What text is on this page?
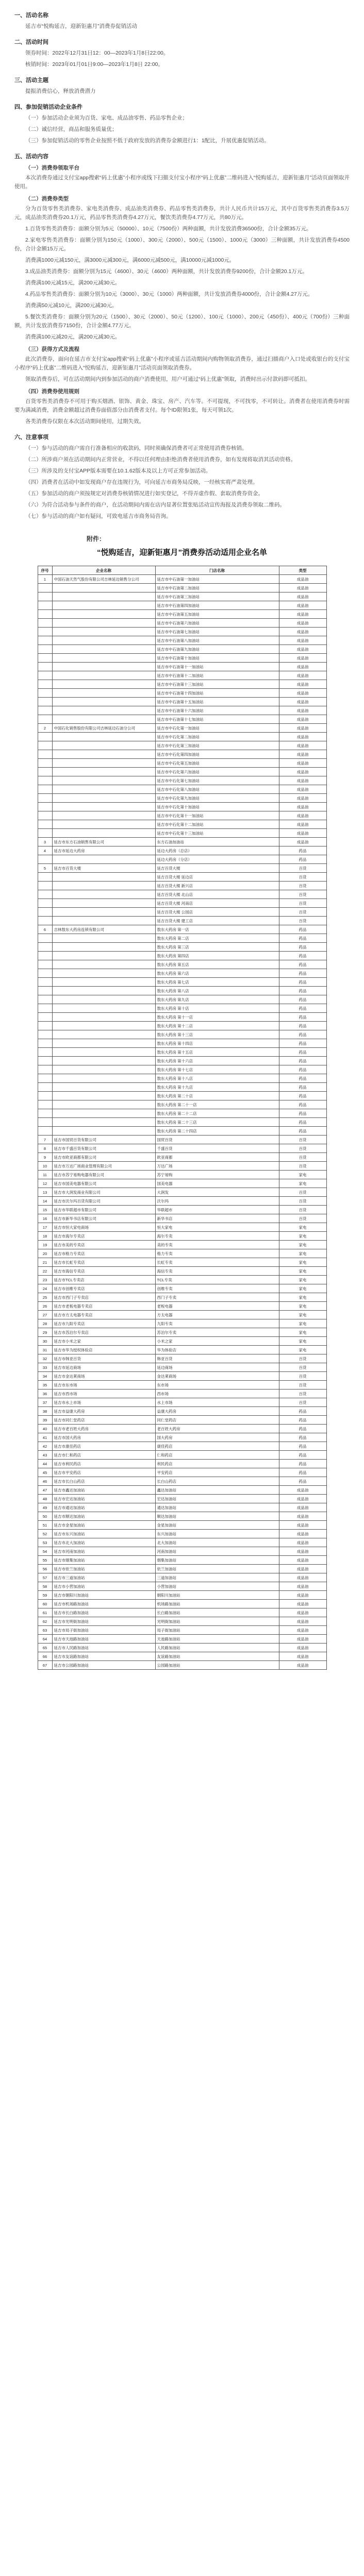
一、活动名称
延吉市“悦购延吉，迎新钜惠月”消费券促销活动
二、活动时间
领券时间：2022年12月31日12：00—2023年1月8日22:00。
核销时间：2023年01月01日9:00—2023年1月8日 22:00。
三、活动主题
提振消费信心，释放消费潜力
四、参加促销活动企业条件
（一）参加活动企业须为百货、家电、成品油零售、药品零售企业；
（二）诚信经营，商品和服务质量优；
（三）参加促销活动的零售企业按照不低于政府发放的消费券金额进行1：1配比，升展优惠促销活动。
五、活动内容
（一）消费券领取平台
本次消费券通过支付宝app搜索“码上优惠”小程序或线下扫描支付宝小程序“码上优惠”二维码进入“悦购延吉，迎新钜惠月”活动页面领取并使用。
（二）消费券类型
分为百货零售类消费券、家电类消费券、成品油类消费券、药品零售类消费券，共计人民币共计15万元，其中百货零售类消费券3.5万元，成品油类消费券20.1万元，药品零售类消费券4.27万元，餐饮类消费券4.77万元，共80万元。
1.百货零售类消费券：面额分别为5元（50000）、10元（7500份）两种面额，共计发放消费36500份，合计金额35万元。
2.家电零售类消费券：面额分别为150元（1000）、300元（2000）、500元（1500）、1000元（3000）三种面额，共计发放消费券4500份，合计金额15万元。
消费满1000元减150元，满3000元减300元，满6000元减500元，满10000元减1000元。
3.成品油类消费券：面额分别为15元（4600）、30元（4600）两种面额，共计发放消费券9200份，合计金额20.1万元。
消费满100元减15元，满200元减30元。
4.药品零售类消费券：面额分别为10元（3000）、30元（1000）两种面额，共计发放消费券4000份，合计金额4.27万元。
消费满50元减10元，满200元减30元。
5.餐饮类消费券：面额分别为20元（1500）、30元（2000）、50元（1200）、100元（1000）、200元（450份）、400元（700份）三种面额，共计发放消费券7150份，合计金额4.77万元。
消费满100元减20元，满200元减30元。
（三）获得方式及流程
此次消费券，面向在延吉市支付宝app搜索“码上优惠”小程序或延吉活动期间内购物领取消费券，通过扫描商户入口处或收银台的支付宝小程序“码上优惠”二维码进入“悦购延吉，迎新钜惠月”活动页面领取消费券。
领取消费券后，可在活动期间内到参加活动的商户消费使用，用户可通过“码上优惠”领取，消费时出示付款码即可抵扣。
（四）消费券使用规则
百货零售类消费券不可用于购买烟酒、银饰、黄金、珠宝、房产、汽车等。不可提现，不可找零，不可转让。消费者在使用消费券时需要为满减消费，消费金额超过消费券面值部分由消费者支付。每个ID限领1张，每天可领1次。
各类消费券仅限在本次活动期间使用，过期失效。
六、注意事项
（一）参与活动的商户需自行准备相应的收款码，同时须确保消费者可正常使用消费券核销。
（二）所涉商户须在活动期间内正常营业，不得以任何理由拒绝消费者使用消费券，如有发现将取消其活动资格。
（三）所涉及的支付宝APP版本需要在10.1.62版本及以上方可正常参加活动。
（四）消费者在活动中如发现商户存在违规行为，可向延吉市商务局反映，一经核实将严肃处理。
（五）参加活动的商户须按规定对消费券核销情况进行如实登记，不得弄虚作假、套取消费券资金。
（六）为符合活动参与条件的商户，在活动期间内需在店内显著位置张贴活动宣传海报及消费券领取二维码。
（七）参与活动的商户如有疑问，可致电延吉市商务局咨询。
附件：
“悦购延吉，迎新钜惠月”消费券活动适用企业名单
序号	企业名称	门店名称	类型
1	中国石油天然气股份有限公司吉林延边销售分公司	延吉市中石油第一加油站	成品油
		延吉市中石油第二加油站	成品油
		延吉市中石油第三加油站	成品油
		延吉市中石油第四加油站	成品油
		延吉市中石油第五加油站	成品油
		延吉市中石油第六加油站	成品油
		延吉市中石油第七加油站	成品油
		延吉市中石油第八加油站	成品油
		延吉市中石油第九加油站	成品油
		延吉市中石油第十加油站	成品油
		延吉市中石油第十一加油站	成品油
		延吉市中石油第十二加油站	成品油
		延吉市中石油第十三加油站	成品油
		延吉市中石油第十四加油站	成品油
		延吉市中石油第十五加油站	成品油
		延吉市中石油第十六加油站	成品油
		延吉市中石油第十七加油站	成品油
2	中国石化销售股份有限公司吉林延边石油分公司	延吉市中石化第一加油站	成品油
		延吉市中石化第二加油站	成品油
		延吉市中石化第三加油站	成品油
		延吉市中石化第四加油站	成品油
		延吉市中石化第五加油站	成品油
		延吉市中石化第六加油站	成品油
		延吉市中石化第七加油站	成品油
		延吉市中石化第八加油站	成品油
		延吉市中石化第九加油站	成品油
		延吉市中石化第十加油站	成品油
		延吉市中石化第十一加油站	成品油
		延吉市中石化第十二加油站	成品油
		延吉市中石化第十三加油站	成品油
3	延吉市东方石油销售有限公司	东方石油加油站	成品油
4	延吉市延边大药房	延边大药房（总店）	药品
		延边大药房（分店）	药品
5	延吉市百货大楼	延吉百货大楼	百货
		延吉百货大楼 延边店	百货
		延吉百货大楼 新兴店	百货
		延吉百货大楼 北山店	百货
		延吉百货大楼 河南店	百货
		延吉百货大楼 公园店	百货
		延吉百货大楼 建工店	百货
6	吉林敖东大药房连锁有限公司	敖东大药房 第一店	药品
		敖东大药房 第二店	药品
		敖东大药房 第三店	药品
		敖东大药房 第四店	药品
		敖东大药房 第五店	药品
		敖东大药房 第六店	药品
		敖东大药房 第七店	药品
		敖东大药房 第八店	药品
		敖东大药房 第九店	药品
		敖东大药房 第十店	药品
		敖东大药房 第十一店	药品
		敖东大药房 第十二店	药品
		敖东大药房 第十三店	药品
		敖东大药房 第十四店	药品
		敖东大药房 第十五店	药品
		敖东大药房 第十六店	药品
		敖东大药房 第十七店	药品
		敖东大药房 第十八店	药品
		敖东大药房 第十九店	药品
		敖东大药房 第二十店	药品
		敖东大药房 第二十一店	药品
		敖东大药房 第二十二店	药品
		敖东大药房 第二十三店	药品
		敖东大药房 第二十四店	药品
7	延吉市国贸百货有限公司	国贸百货	百货
8	延吉市千盛百货有限公司	千盛百货	百货
9	延吉市欧亚商都有限公司	欧亚商都	百货
10	延吉市万达广场商业管理有限公司	万达广场	百货
11	延吉市苏宁易购电器有限公司	苏宁易购	家电
12	延吉市国美电器有限公司	国美电器	家电
13	延吉市大润发商业有限公司	大润发	百货
14	延吉市沃尔玛百货有限公司	沃尔玛	百货
15	延吉市华联超市有限公司	华联超市	百货
16	延吉市新华书店有限公司	新华书店	百货
17	延吉市恒大家电商场	恒大家电	家电
18	延吉市海尔专卖店	海尔专卖	家电
19	延吉市美的专卖店	美的专卖	家电
20	延吉市格力专卖店	格力专卖	家电
21	延吉市长虹专卖店	长虹专卖	家电
22	延吉市海信专卖店	海信专卖	家电
23	延吉市TCL专卖店	TCL专卖	家电
24	延吉市创维专卖店	创维专卖	家电
25	延吉市西门子专卖店	西门子专卖	家电
26	延吉市老板电器专卖店	老板电器	家电
27	延吉市方太电器专卖店	方太电器	家电
28	延吉市九阳专卖店	九阳专卖	家电
29	延吉市苏泊尔专卖店	苏泊尔专卖	家电
30	延吉市小米之家	小米之家	家电
31	延吉市华为授权体验店	华为体验店	家电
32	延吉市韩亚百货	韩亚百货	百货
33	延吉市延边商场	延边商场	百货
34	延吉市金达莱商场	金达莱商场	百货
35	延吉市东市场	东市场	百货
36	延吉市西市场	西市场	百货
37	延吉市水上市场	水上市场	百货
38	延吉市益康大药房	益康大药房	药品
39	延吉市同仁堂药店	同仁堂药店	药品
40	延吉市老百姓大药房	老百姓大药房	药品
41	延吉市国大药房	国大药房	药品
42	延吉市康佳药店	康佳药店	药品
43	延吉市仁和药店	仁和药店	药品
44	延吉市利民药店	利民药店	药品
45	延吉市平安药店	平安药店	药品
46	延吉市长白山药店	长白山药店	药品
47	延吉市鑫达加油站	鑫达加油站	成品油
48	延吉市宏达加油站	宏达加油站	成品油
49	延吉市通达加油站	通达加油站	成品油
50	延吉市顺达加油站	顺达加油站	成品油
51	延吉市金星加油站	金星加油站	成品油
52	延吉市东兴加油站	东兴加油站	成品油
53	延吉市北大加油站	北大加油站	成品油
54	延吉市河南加油站	河南加油站	成品油
55	延吉市烟集加油站	烟集加油站	成品油
56	延吉市依兰加油站	依兰加油站	成品油
57	延吉市三道加油站	三道加油站	成品油
58	延吉市小营加油站	小营加油站	成品油
59	延吉市朝阳川加油站	朝阳川加油站	成品油
60	延吉市机场路加油站	机场路加油站	成品油
61	延吉市长白路加油站	长白路加油站	成品油
62	延吉市光明街加油站	光明街加油站	成品油
63	延吉市局子街加油站	局子街加油站	成品油
64	延吉市天池路加油站	天池路加油站	成品油
65	延吉市人民路加油站	人民路加油站	成品油
66	延吉市友谊路加油站	友谊路加油站	成品油
67	延吉市公园路加油站	公园路加油站	成品油
